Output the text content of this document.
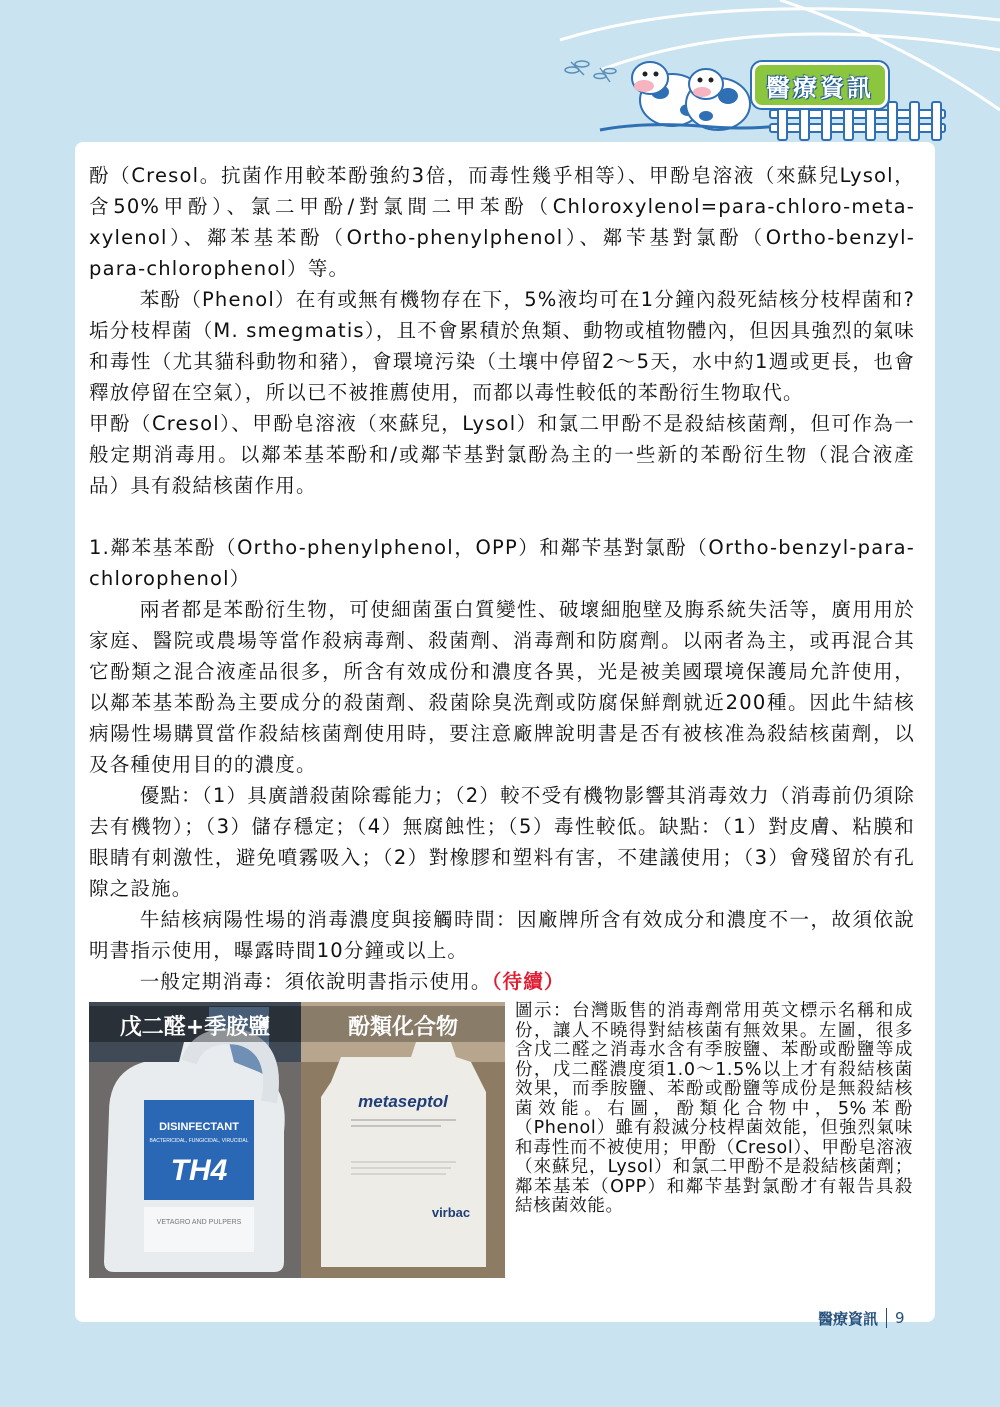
醫療資訊

酚（Cresol。抗菌作用較苯酚強約3倍，而毒性幾乎相等）、甲酚皂溶液（來蘇兒Lysol，含50%甲酚）、氯二甲酚/對氯間二甲苯酚（Chloroxylenol=para-chloro-meta-xylenol）、鄰苯基苯酚（Ortho-phenylphenol）、鄰苄基對氯酚（Ortho-benzyl-para-chlorophenol）等。

苯酚（Phenol）在有或無有機物存在下，5%液均可在1分鐘內殺死結核分枝桿菌和?垢分枝桿菌（M. smegmatis），且不會累積於魚類、動物或植物體內，但因具強烈的氣味和毒性（尤其貓科動物和豬），會環境污染（土壤中停留2～5天，水中約1週或更長，也會釋放停留在空氣），所以已不被推薦使用，而都以毒性較低的苯酚衍生物取代。

甲酚（Cresol）、甲酚皂溶液（來蘇兒，Lysol）和氯二甲酚不是殺結核菌劑，但可作為一般定期消毒用。以鄰苯基苯酚和/或鄰苄基對氯酚為主的一些新的苯酚衍生物（混合液產品）具有殺結核菌作用。

1.鄰苯基苯酚（Ortho-phenylphenol，OPP）和鄰苄基對氯酚（Ortho-benzyl-para- chlorophenol）

兩者都是苯酚衍生物，可使細菌蛋白質變性、破壞細胞壁及脢系統失活等，廣用用於家庭、醫院或農場等當作殺病毒劑、殺菌劑、消毒劑和防腐劑。以兩者為主，或再混合其它酚類之混合液產品很多，所含有效成份和濃度各異，光是被美國環境保護局允許使用，以鄰苯基苯酚為主要成分的殺菌劑、殺菌除臭洗劑或防腐保鮮劑就近200種。因此牛結核病陽性場購買當作殺結核菌劑使用時，要注意廠牌說明書是否有被核准為殺結核菌劑，以及各種使用目的的濃度。

優點：（1）具廣譜殺菌除霉能力；（2）較不受有機物影響其消毒效力（消毒前仍須除去有機物）；（3）儲存穩定；（4）無腐蝕性；（5）毒性較低。缺點：（1）對皮膚、粘膜和眼睛有刺激性，避免噴霧吸入；（2）對橡膠和塑料有害，不建議使用；（3）會殘留於有孔隙之設施。

牛結核病陽性場的消毒濃度與接觸時間：因廠牌所含有效成分和濃度不一，故須依說明書指示使用，曝露時間10分鐘或以上。

一般定期消毒：須依說明書指示使用。（待續）

DISINFECTANT
BACTERICIDAL, FUNGICIDAL, VIRUCIDAL
TH4
VETAGRO AND PULPERS
戊二醛+季胺鹽
metaseptol
virbac
酚類化合物
圖示：台灣販售的消毒劑常用英文標示名稱和成份，讓人不曉得對結核菌有無效果。左圖，很多含戊二醛之消毒水含有季胺鹽、苯酚或酚鹽等成份，戊二醛濃度須1.0～1.5%以上才有殺結核菌效果，而季胺鹽、苯酚或酚鹽等成份是無殺結核菌效能。右圖，酚類化合物中，5%苯酚（Phenol）雖有殺滅分枝桿菌效能，但強烈氣味和毒性而不被使用；甲酚（Cresol）、甲酚皂溶液（來蘇兒，Lysol）和氯二甲酚不是殺結核菌劑；鄰苯基苯（OPP）和鄰苄基對氯酚才有報告具殺結核菌效能。
醫療資訊 9
